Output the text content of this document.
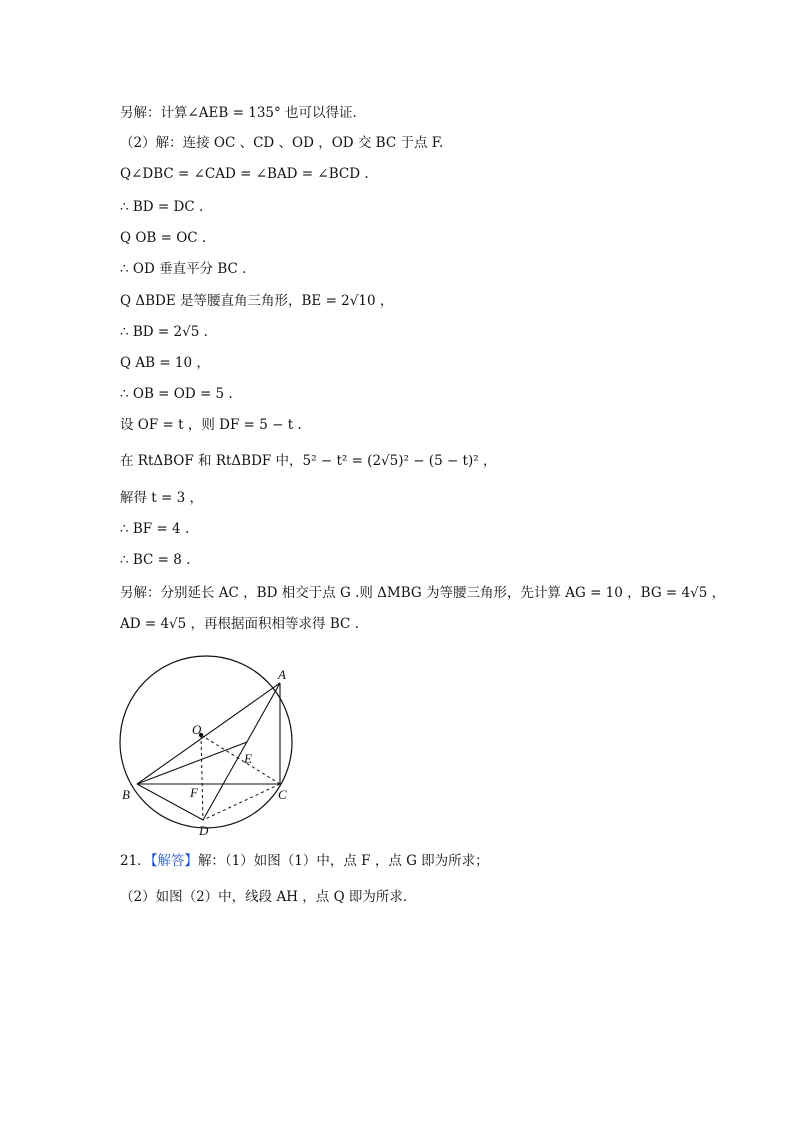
另解：计算∠AEB = 135° 也可以得证．
（2）解：连接 OC 、CD 、OD ，OD 交 BC 于点 F.
Q∠DBC = ∠CAD = ∠BAD = ∠BCD .
∴ BD = DC .
Q OB = OC .
∴ OD 垂直平分 BC .
Q ΔBDE 是等腰直角三角形，BE = 2√10 ，
∴ BD = 2√5 .
Q AB = 10 ，
∴ OB = OD = 5 .
设 OF = t ，则 DF = 5 − t .
在 RtΔBOF 和 RtΔBDF 中，5² − t² = (2√5)² − (5 − t)² ，
解得 t = 3 ，
∴ BF = 4 .
∴ BC = 8 .
另解：分别延长 AC ，BD 相交于点 G .则 ΔMBG 为等腰三角形，先计算 AG = 10 ，BG = 4√5 ，
AD = 4√5 ，再根据面积相等求得 BC .
A
O
E
B	F	C
D
21．【解答】解：（1）如图（1）中，点 F ，点 G 即为所求；
（2）如图（2）中，线段 AH ，点 Q 即为所求．
